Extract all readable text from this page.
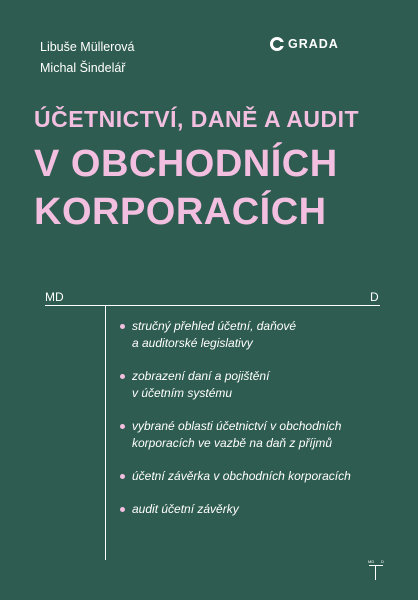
Libuše Müllerová
Michal Šindelář
GRADA
ÚČETNICTVÍ, DANĚ A AUDIT
V OBCHODNÍCH
KORPORACÍCH
MD	D
stručný přehled účetní, daňové
a auditorské legislativy
zobrazení daní a pojištění
v účetním systému
vybrané oblasti účetnictví v obchodních
korporacích ve vazbě na daň z příjmů
účetní závěrka v obchodních korporacích
audit účetní závěrky
MD D
